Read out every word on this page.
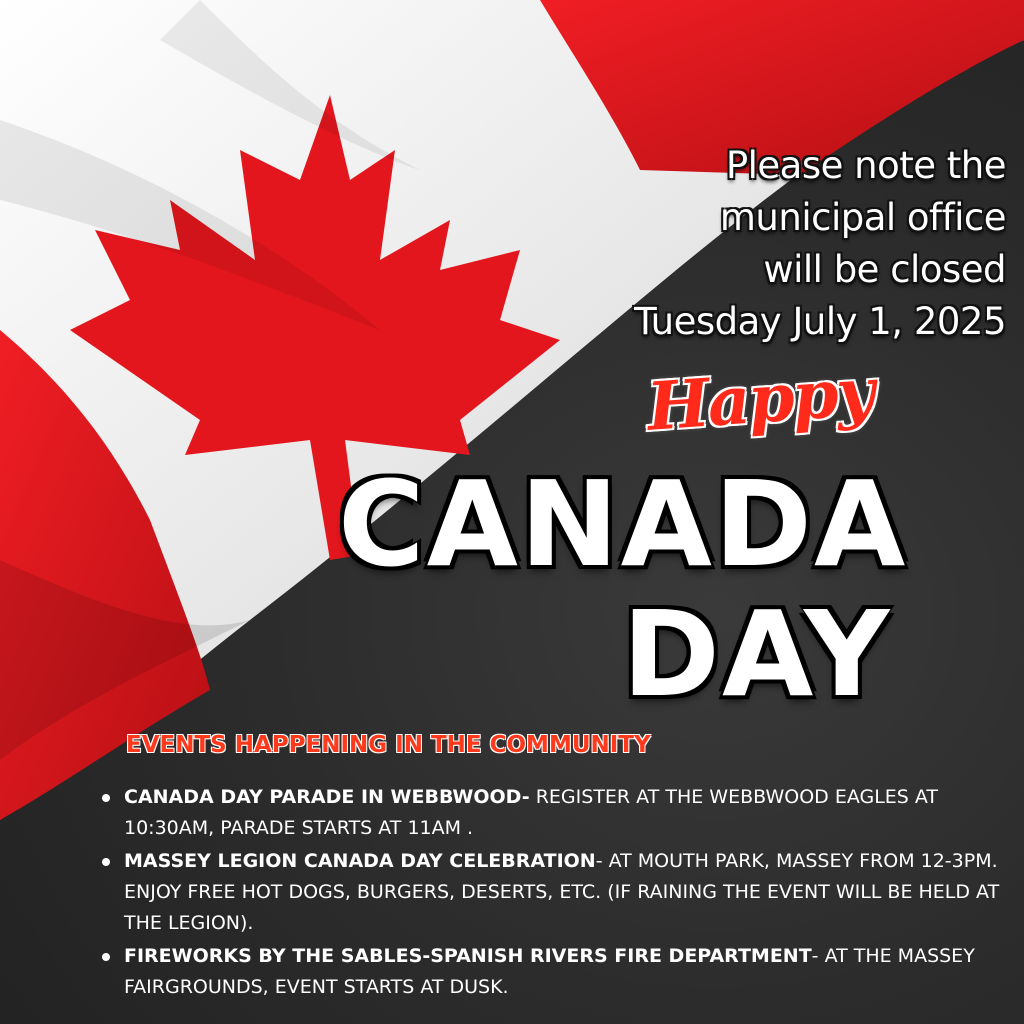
Please note the
municipal office
will be closed
Tuesday July 1, 2025
Happy
CANADA
DAY
EVENTS HAPPENING IN THE COMMUNITY
CANADA DAY PARADE IN WEBBWOOD- REGISTER AT THE WEBBWOOD EAGLES AT 10:30AM, PARADE STARTS AT 11AM .
MASSEY LEGION CANADA DAY CELEBRATION- AT MOUTH PARK, MASSEY FROM 12-3PM. ENJOY FREE HOT DOGS, BURGERS, DESERTS, ETC. (IF RAINING THE EVENT WILL BE HELD AT THE LEGION).
FIREWORKS BY THE SABLES-SPANISH RIVERS FIRE DEPARTMENT- AT THE MASSEY FAIRGROUNDS, EVENT STARTS AT DUSK.
